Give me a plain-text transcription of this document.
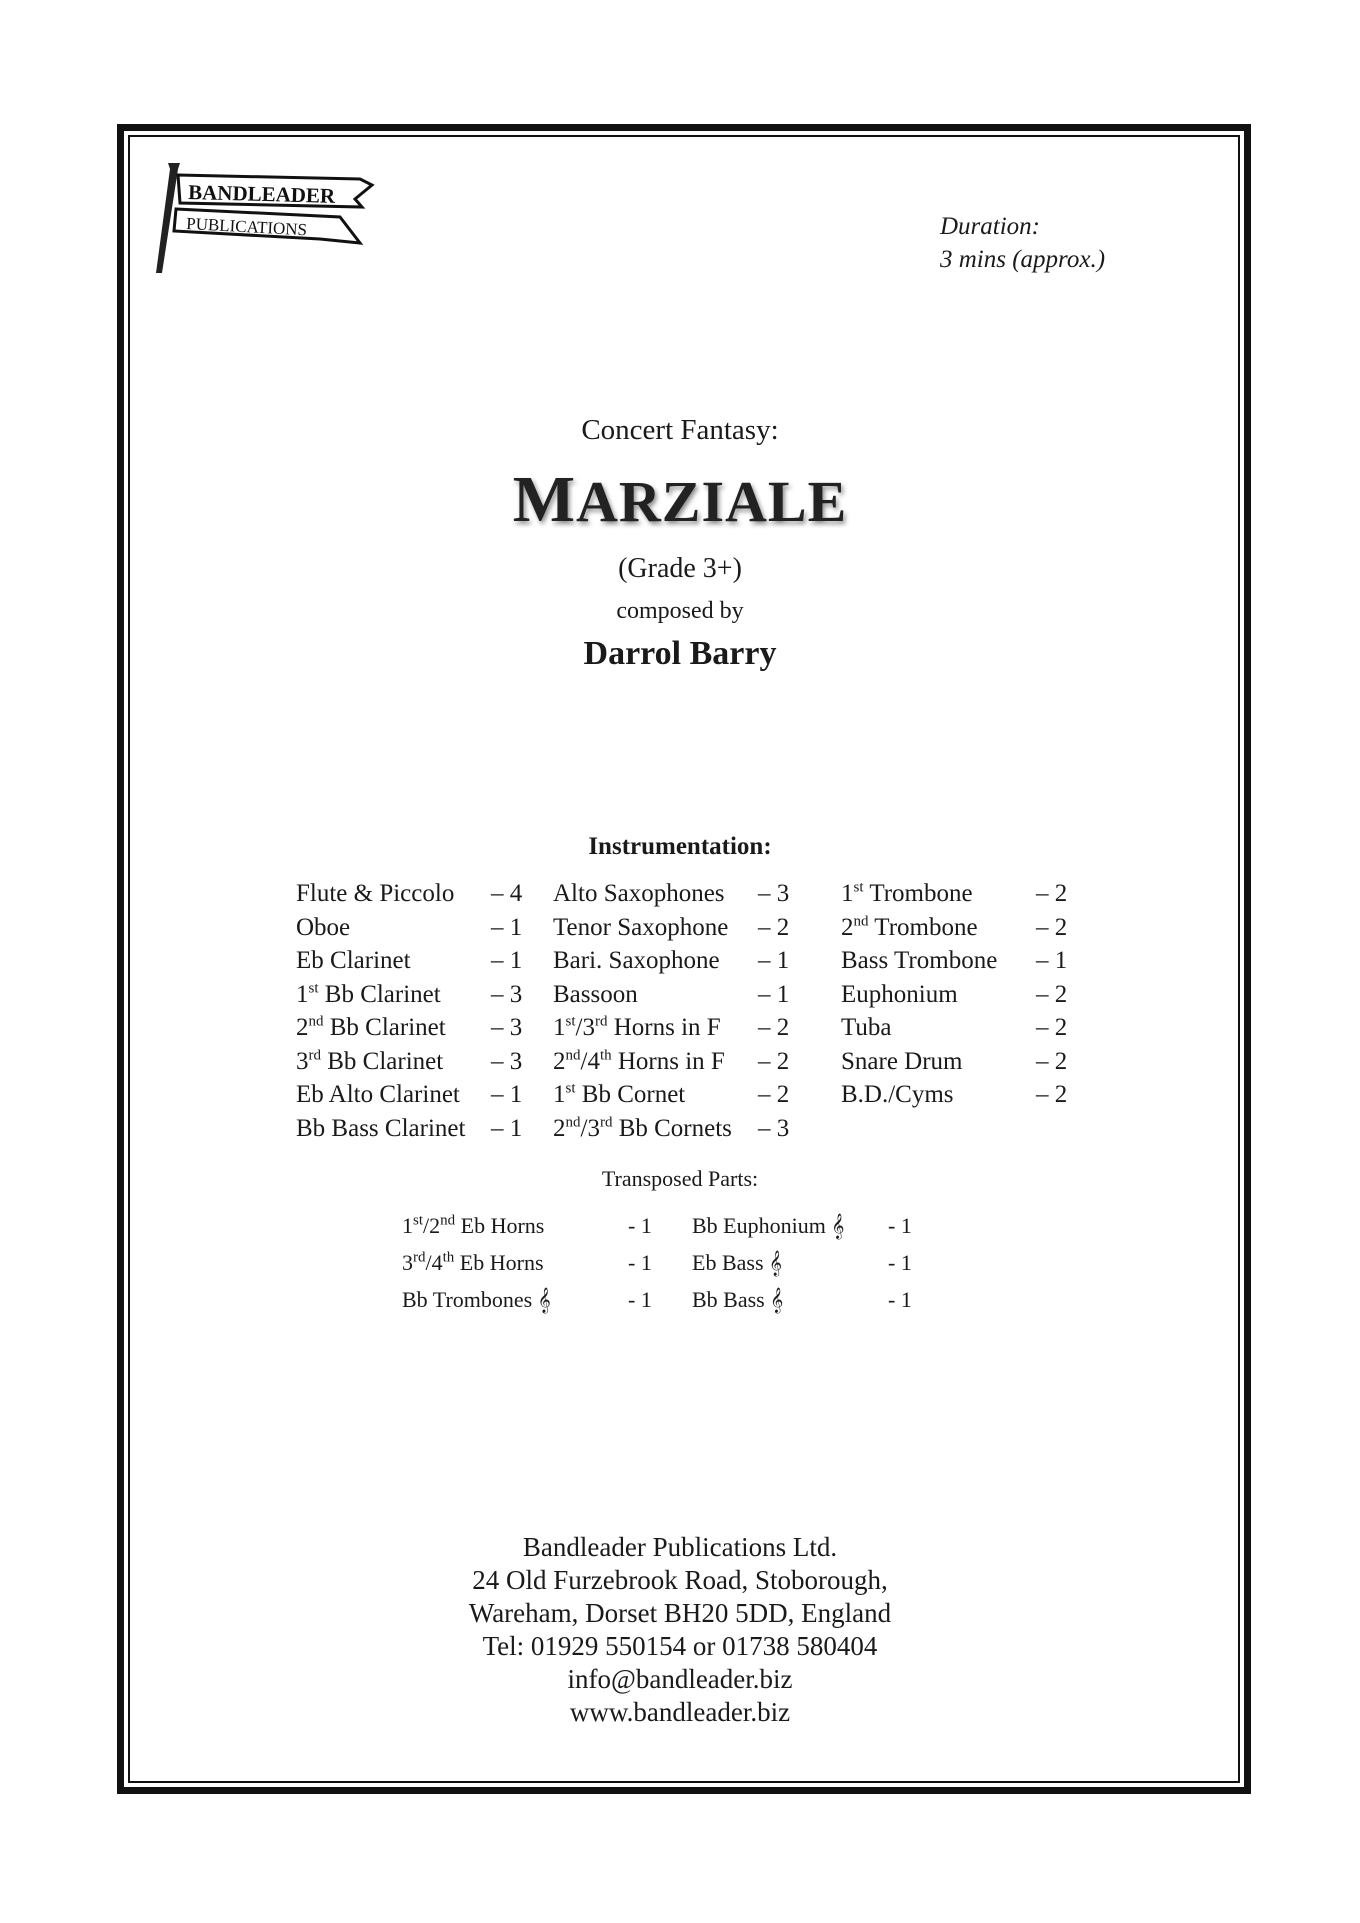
BANDLEADER
PUBLICATIONS	Duration:
3 mins (approx.)
Concert Fantasy:
MARZIALE
(Grade 3+)
composed by
Darrol Barry
Instrumentation:
Flute & Piccolo – 4
Oboe	– 1
Eb Clarinet	– 1
1st Bb Clarinet – 3
2nd Bb Clarinet – 3
3rd Bb Clarinet – 3
Eb Alto Clarinet – 1
Bb Bass Clarinet – 1
Alto Saxophones – 3
Tenor Saxophone – 2
Bari. Saxophone – 1
Bassoon	– 1
1st/3rd Horns in F – 2
2nd/4th Horns in F – 2
1st Bb Cornet	– 2
2nd/3rd Bb Cornets – 3
1st Trombone	– 2
2nd Trombone – 2
Bass Trombone – 1
Euphonium	– 2
Tuba	– 2
Snare Drum	– 2
B.D./Cyms	– 2
Transposed Parts:
1st/2nd Eb Horns	- 1
3rd/4th Eb Horns	- 1
Bb Trombones 𝄞	- 1
Bb Euphonium 𝄞 - 1
Eb Bass 𝄞	- 1
Bb Bass 𝄞	- 1
Bandleader Publications Ltd.
24 Old Furzebrook Road, Stoborough,
Wareham, Dorset BH20 5DD, England
Tel: 01929 550154 or 01738 580404
info@bandleader.biz
www.bandleader.biz
